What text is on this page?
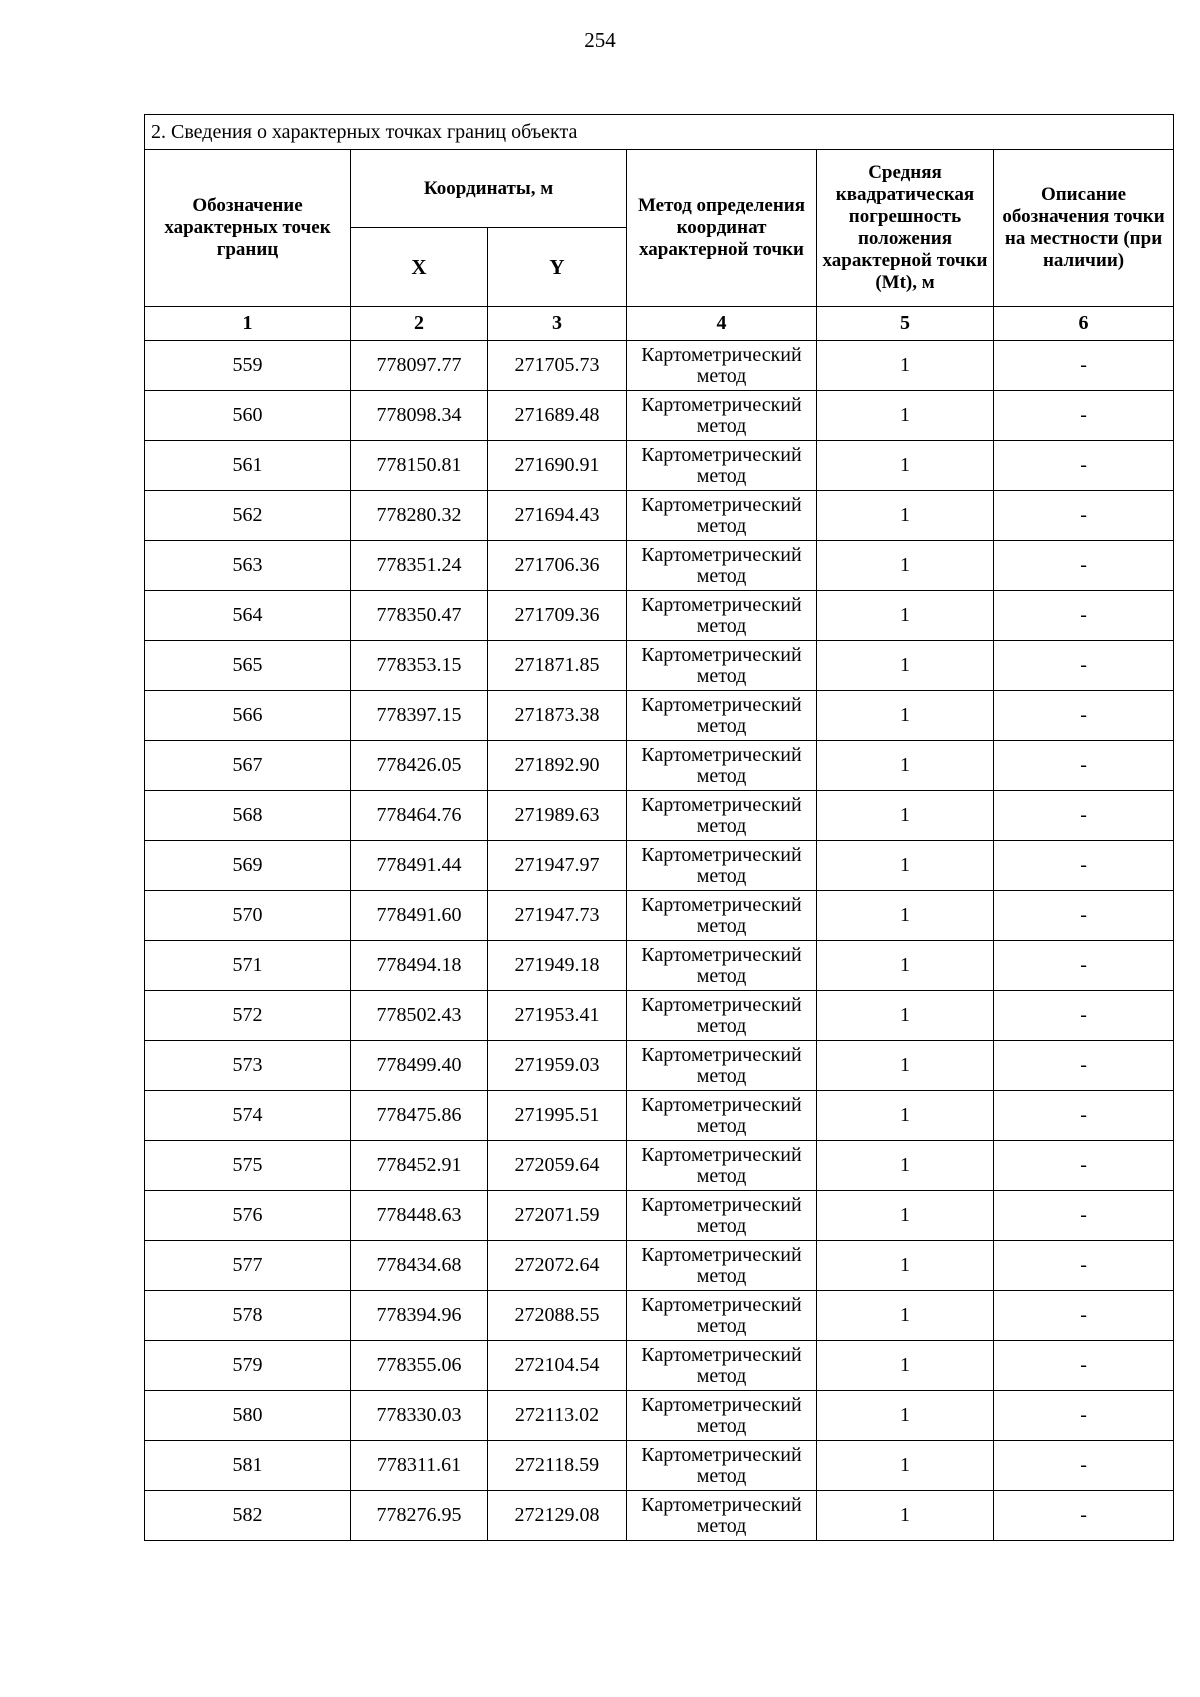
254
2. Сведения о характерных точках границ объекта					
Обозначение характерных точек границ	Координаты, м		Метод определения координат характерной точки	Средняя квадратическая погрешность положения характерной точки (Mt), м	Описание обозначения точки на местности (при наличии)
	X	Y			
1	2	3	4	5	6
559	778097.77	271705.73	Картометрический метод	1	-
560	778098.34	271689.48	Картометрический метод	1	-
561	778150.81	271690.91	Картометрический метод	1	-
562	778280.32	271694.43	Картометрический метод	1	-
563	778351.24	271706.36	Картометрический метод	1	-
564	778350.47	271709.36	Картометрический метод	1	-
565	778353.15	271871.85	Картометрический метод	1	-
566	778397.15	271873.38	Картометрический метод	1	-
567	778426.05	271892.90	Картометрический метод	1	-
568	778464.76	271989.63	Картометрический метод	1	-
569	778491.44	271947.97	Картометрический метод	1	-
570	778491.60	271947.73	Картометрический метод	1	-
571	778494.18	271949.18	Картометрический метод	1	-
572	778502.43	271953.41	Картометрический метод	1	-
573	778499.40	271959.03	Картометрический метод	1	-
574	778475.86	271995.51	Картометрический метод	1	-
575	778452.91	272059.64	Картометрический метод	1	-
576	778448.63	272071.59	Картометрический метод	1	-
577	778434.68	272072.64	Картометрический метод	1	-
578	778394.96	272088.55	Картометрический метод	1	-
579	778355.06	272104.54	Картометрический метод	1	-
580	778330.03	272113.02	Картометрический метод	1	-
581	778311.61	272118.59	Картометрический метод	1	-
582	778276.95	272129.08	Картометрический метод	1	-
